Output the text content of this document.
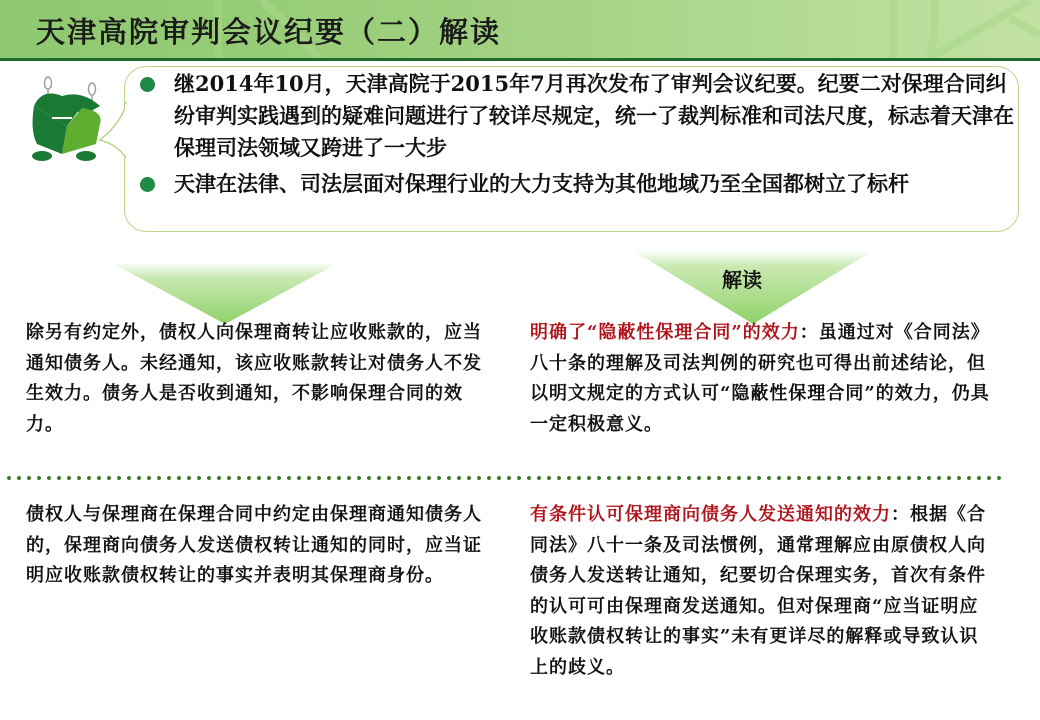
天津高院审判会议纪要（二）解读
继2014年10月，天津高院于2015年7月再次发布了审判会议纪要。纪要二对保理合同纠纷审判实践遇到的疑难问题进行了较详尽规定，统一了裁判标准和司法尺度，标志着天津在保理司法领域又跨进了一大步
天津在法律、司法层面对保理行业的大力支持为其他地域乃至全国都树立了标杆
解读
除另有约定外，债权人向保理商转让应收账款的，应当通知债务人。未经通知，该应收账款转让对债务人不发生效力。债务人是否收到通知，不影响保理合同的效力。
明确了“隐蔽性保理合同”的效力：虽通过对《合同法》八十条的理解及司法判例的研究也可得出前述结论，但以明文规定的方式认可“隐蔽性保理合同”的效力，仍具一定积极意义。
债权人与保理商在保理合同中约定由保理商通知债务人的，保理商向债务人发送债权转让通知的同时，应当证明应收账款债权转让的事实并表明其保理商身份。
有条件认可保理商向债务人发送通知的效力：根据《合同法》八十一条及司法惯例，通常理解应由原债权人向债务人发送转让通知，纪要切合保理实务，首次有条件的认可可由保理商发送通知。但对保理商“应当证明应收账款债权转让的事实”未有更详尽的解释或导致认识上的歧义。
